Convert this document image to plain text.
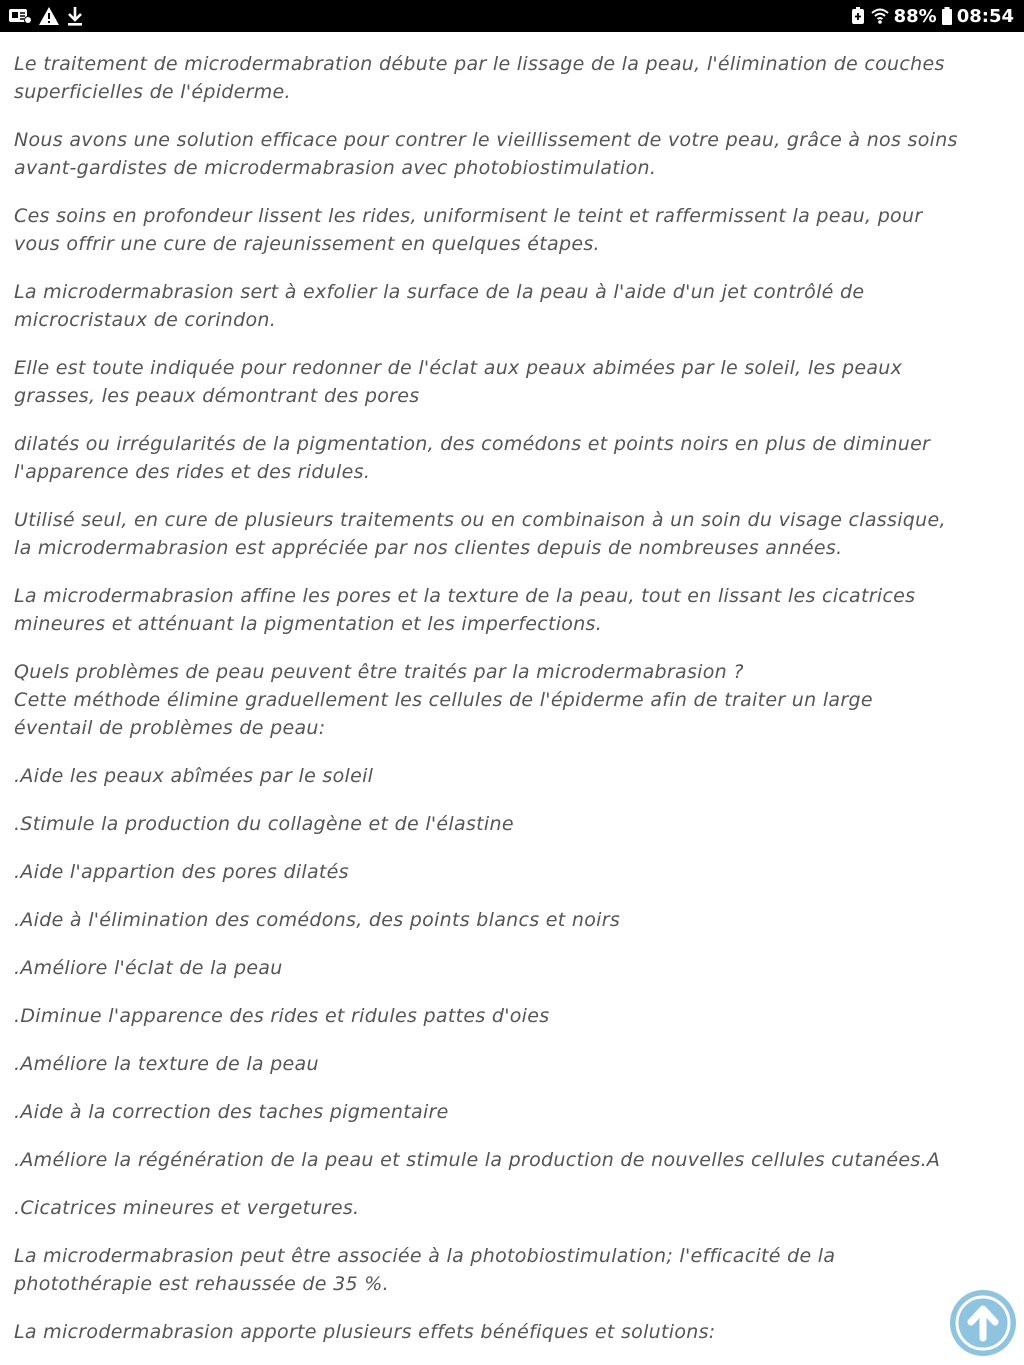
88% 08:54

Le traitement de microdermabration débute par le lissage de la peau, l'élimination de couches
superficielles de l'épiderme.

Nous avons une solution efficace pour contrer le vieillissement de votre peau, grâce à nos soins
avant-gardistes de microdermabrasion avec photobiostimulation.

Ces soins en profondeur lissent les rides, uniformisent le teint et raffermissent la peau, pour
vous offrir une cure de rajeunissement en quelques étapes.

La microdermabrasion sert à exfolier la surface de la peau à l'aide d'un jet contrôlé de
microcristaux de corindon.

Elle est toute indiquée pour redonner de l'éclat aux peaux abimées par le soleil, les peaux
grasses, les peaux démontrant des pores

dilatés ou irrégularités de la pigmentation, des comédons et points noirs en plus de diminuer
l'apparence des rides et des ridules.

Utilisé seul, en cure de plusieurs traitements ou en combinaison à un soin du visage classique,
la microdermabrasion est appréciée par nos clientes depuis de nombreuses années.

La microdermabrasion affine les pores et la texture de la peau, tout en lissant les cicatrices
mineures et atténuant la pigmentation et les imperfections.

Quels problèmes de peau peuvent être traités par la microdermabrasion ?
Cette méthode élimine graduellement les cellules de l'épiderme afin de traiter un large
éventail de problèmes de peau:

.Aide les peaux abîmées par le soleil

.Stimule la production du collagène et de l'élastine

.Aide l'appartion des pores dilatés

.Aide à l'élimination des comédons, des points blancs et noirs

.Améliore l'éclat de la peau

.Diminue l'apparence des rides et ridules pattes d'oies

.Améliore la texture de la peau

.Aide à la correction des taches pigmentaire

.Améliore la régénération de la peau et stimule la production de nouvelles cellules cutanées.A

.Cicatrices mineures et vergetures.

La microdermabrasion peut être associée à la photobiostimulation; l'efficacité de la
photothérapie est rehaussée de 35 %.

La microdermabrasion apporte plusieurs effets bénéfiques et solutions:
